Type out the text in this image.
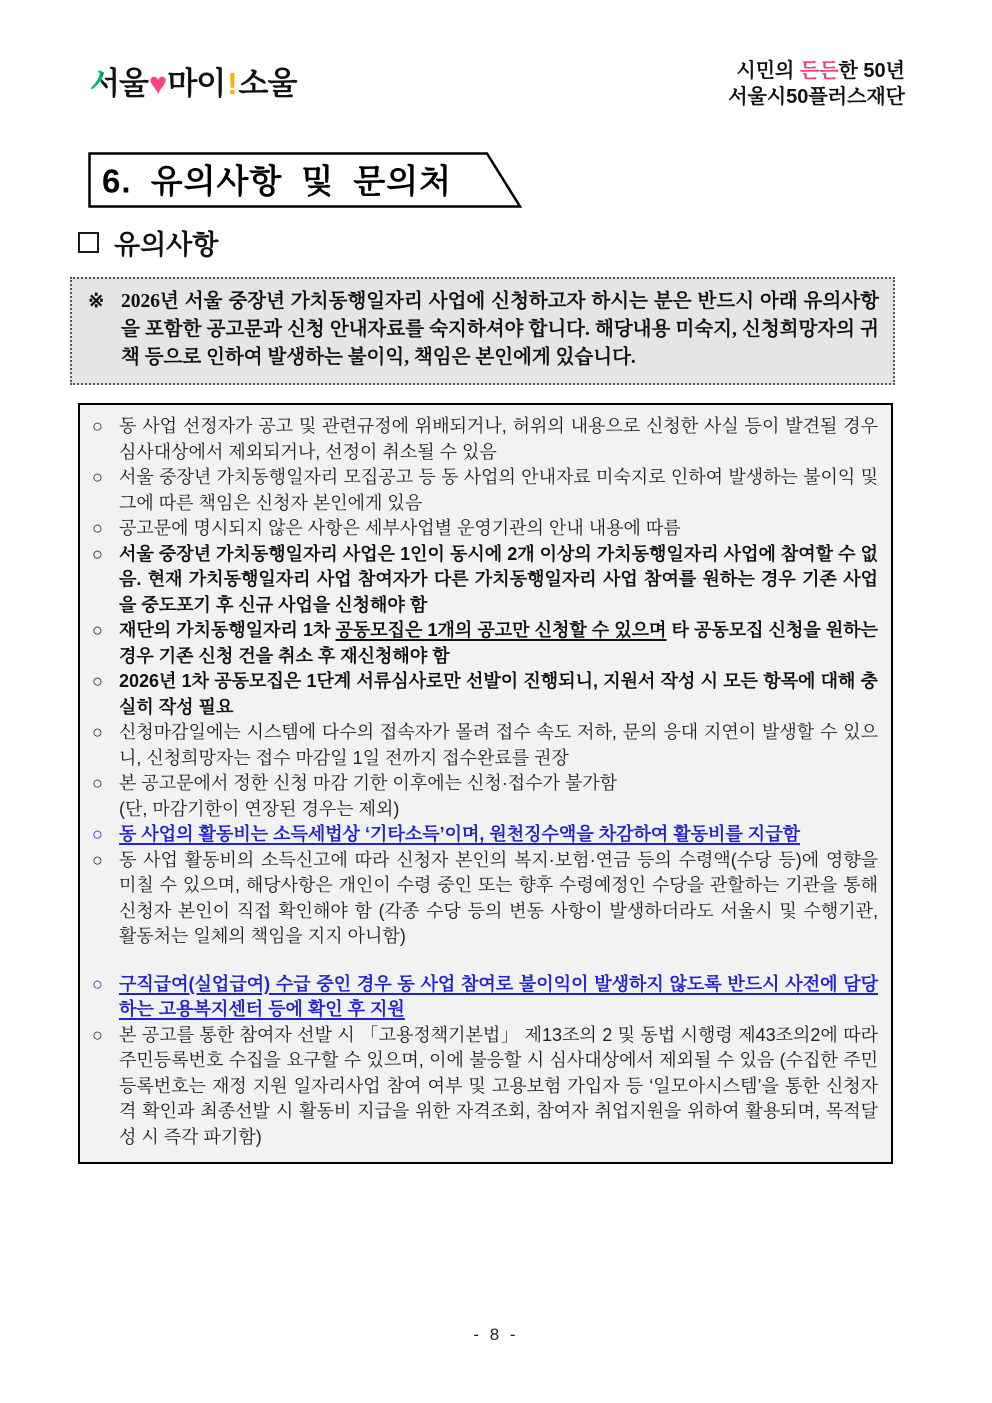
서울♥마이!소울	시민의 든든한 50년
서울시50플러스재단
6. 유의사항 및 문의처
유의사항
※ 2026년 서울 중장년 가치동행일자리 사업에 신청하고자 하시는 분은 반드시 아래 유의사항을 포함한 공고문과 신청 안내자료를 숙지하셔야 합니다. 해당내용 미숙지, 신청희망자의 귀책 등으로 인하여 발생하는 불이익, 책임은 본인에게 있습니다.
○ 동 사업 선정자가 공고 및 관련규정에 위배되거나, 허위의 내용으로 신청한 사실 등이 발견될 경우 심사대상에서 제외되거나, 선정이 취소될 수 있음
○ 서울 중장년 가치동행일자리 모집공고 등 동 사업의 안내자료 미숙지로 인하여 발생하는 불이익 및 그에 따른 책임은 신청자 본인에게 있음
○ 공고문에 명시되지 않은 사항은 세부사업별 운영기관의 안내 내용에 따름
○ 서울 중장년 가치동행일자리 사업은 1인이 동시에 2개 이상의 가치동행일자리 사업에 참여할 수 없음. 현재 가치동행일자리 사업 참여자가 다른 가치동행일자리 사업 참여를 원하는 경우 기존 사업을 중도포기 후 신규 사업을 신청해야 함
○ 재단의 가치동행일자리 1차 공동모집은 1개의 공고만 신청할 수 있으며 타 공동모집 신청을 원하는 경우 기존 신청 건을 취소 후 재신청해야 함
○ 2026년 1차 공동모집은 1단계 서류심사로만 선발이 진행되니, 지원서 작성 시 모든 항목에 대해 충실히 작성 필요
○ 신청마감일에는 시스템에 다수의 접속자가 몰려 접수 속도 저하, 문의 응대 지연이 발생할 수 있으니, 신청희망자는 접수 마감일 1일 전까지 접수완료를 권장
○ 본 공고문에서 정한 신청 마감 기한 이후에는 신청·접수가 불가함
(단, 마감기한이 연장된 경우는 제외)
○ 동 사업의 활동비는 소득세법상 ‘기타소득’이며, 원천징수액을 차감하여 활동비를 지급함
○ 동 사업 활동비의 소득신고에 따라 신청자 본인의 복지·보험·연금 등의 수령액(수당 등)에 영향을 미칠 수 있으며, 해당사항은 개인이 수령 중인 또는 향후 수령예정인 수당을 관할하는 기관을 통해 신청자 본인이 직접 확인해야 함 (각종 수당 등의 변동 사항이 발생하더라도 서울시 및 수행기관, 활동처는 일체의 책임을 지지 아니함)
○ 구직급여(실업급여) 수급 중인 경우 동 사업 참여로 불이익이 발생하지 않도록 반드시 사전에 담당하는 고용복지센터 등에 확인 후 지원
○ 본 공고를 통한 참여자 선발 시 「고용정책기본법」 제13조의 2 및 동법 시행령 제43조의2에 따라 주민등록번호 수집을 요구할 수 있으며, 이에 불응할 시 심사대상에서 제외될 수 있음 (수집한 주민등록번호는 재정 지원 일자리사업 참여 여부 및 고용보험 가입자 등 ‘일모아시스템’을 통한 신청자격 확인과 최종선발 시 활동비 지급을 위한 자격조회, 참여자 취업지원을 위하여 활용되며, 목적달성 시 즉각 파기함)
- 8 -
